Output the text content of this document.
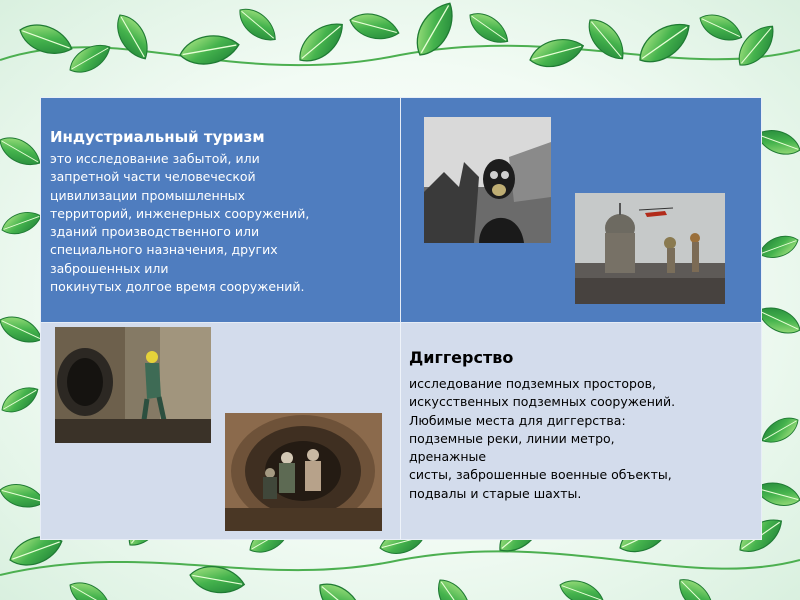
Индустриальный туризм
это исследование забытой, или
запретной части человеческой
цивилизации промышленных
территорий, инженерных сооружений,
зданий производственного или
специального назначения, других
заброшенных или
покинутых долгое время сооружений.
Диггерство
исследование подземных просторов,
искусственных подземных сооружений.
Любимые места для диггерства:
подземные реки, линии метро,
дренажные
систы, заброшенные военные объекты,
подвалы и старые шахты.
